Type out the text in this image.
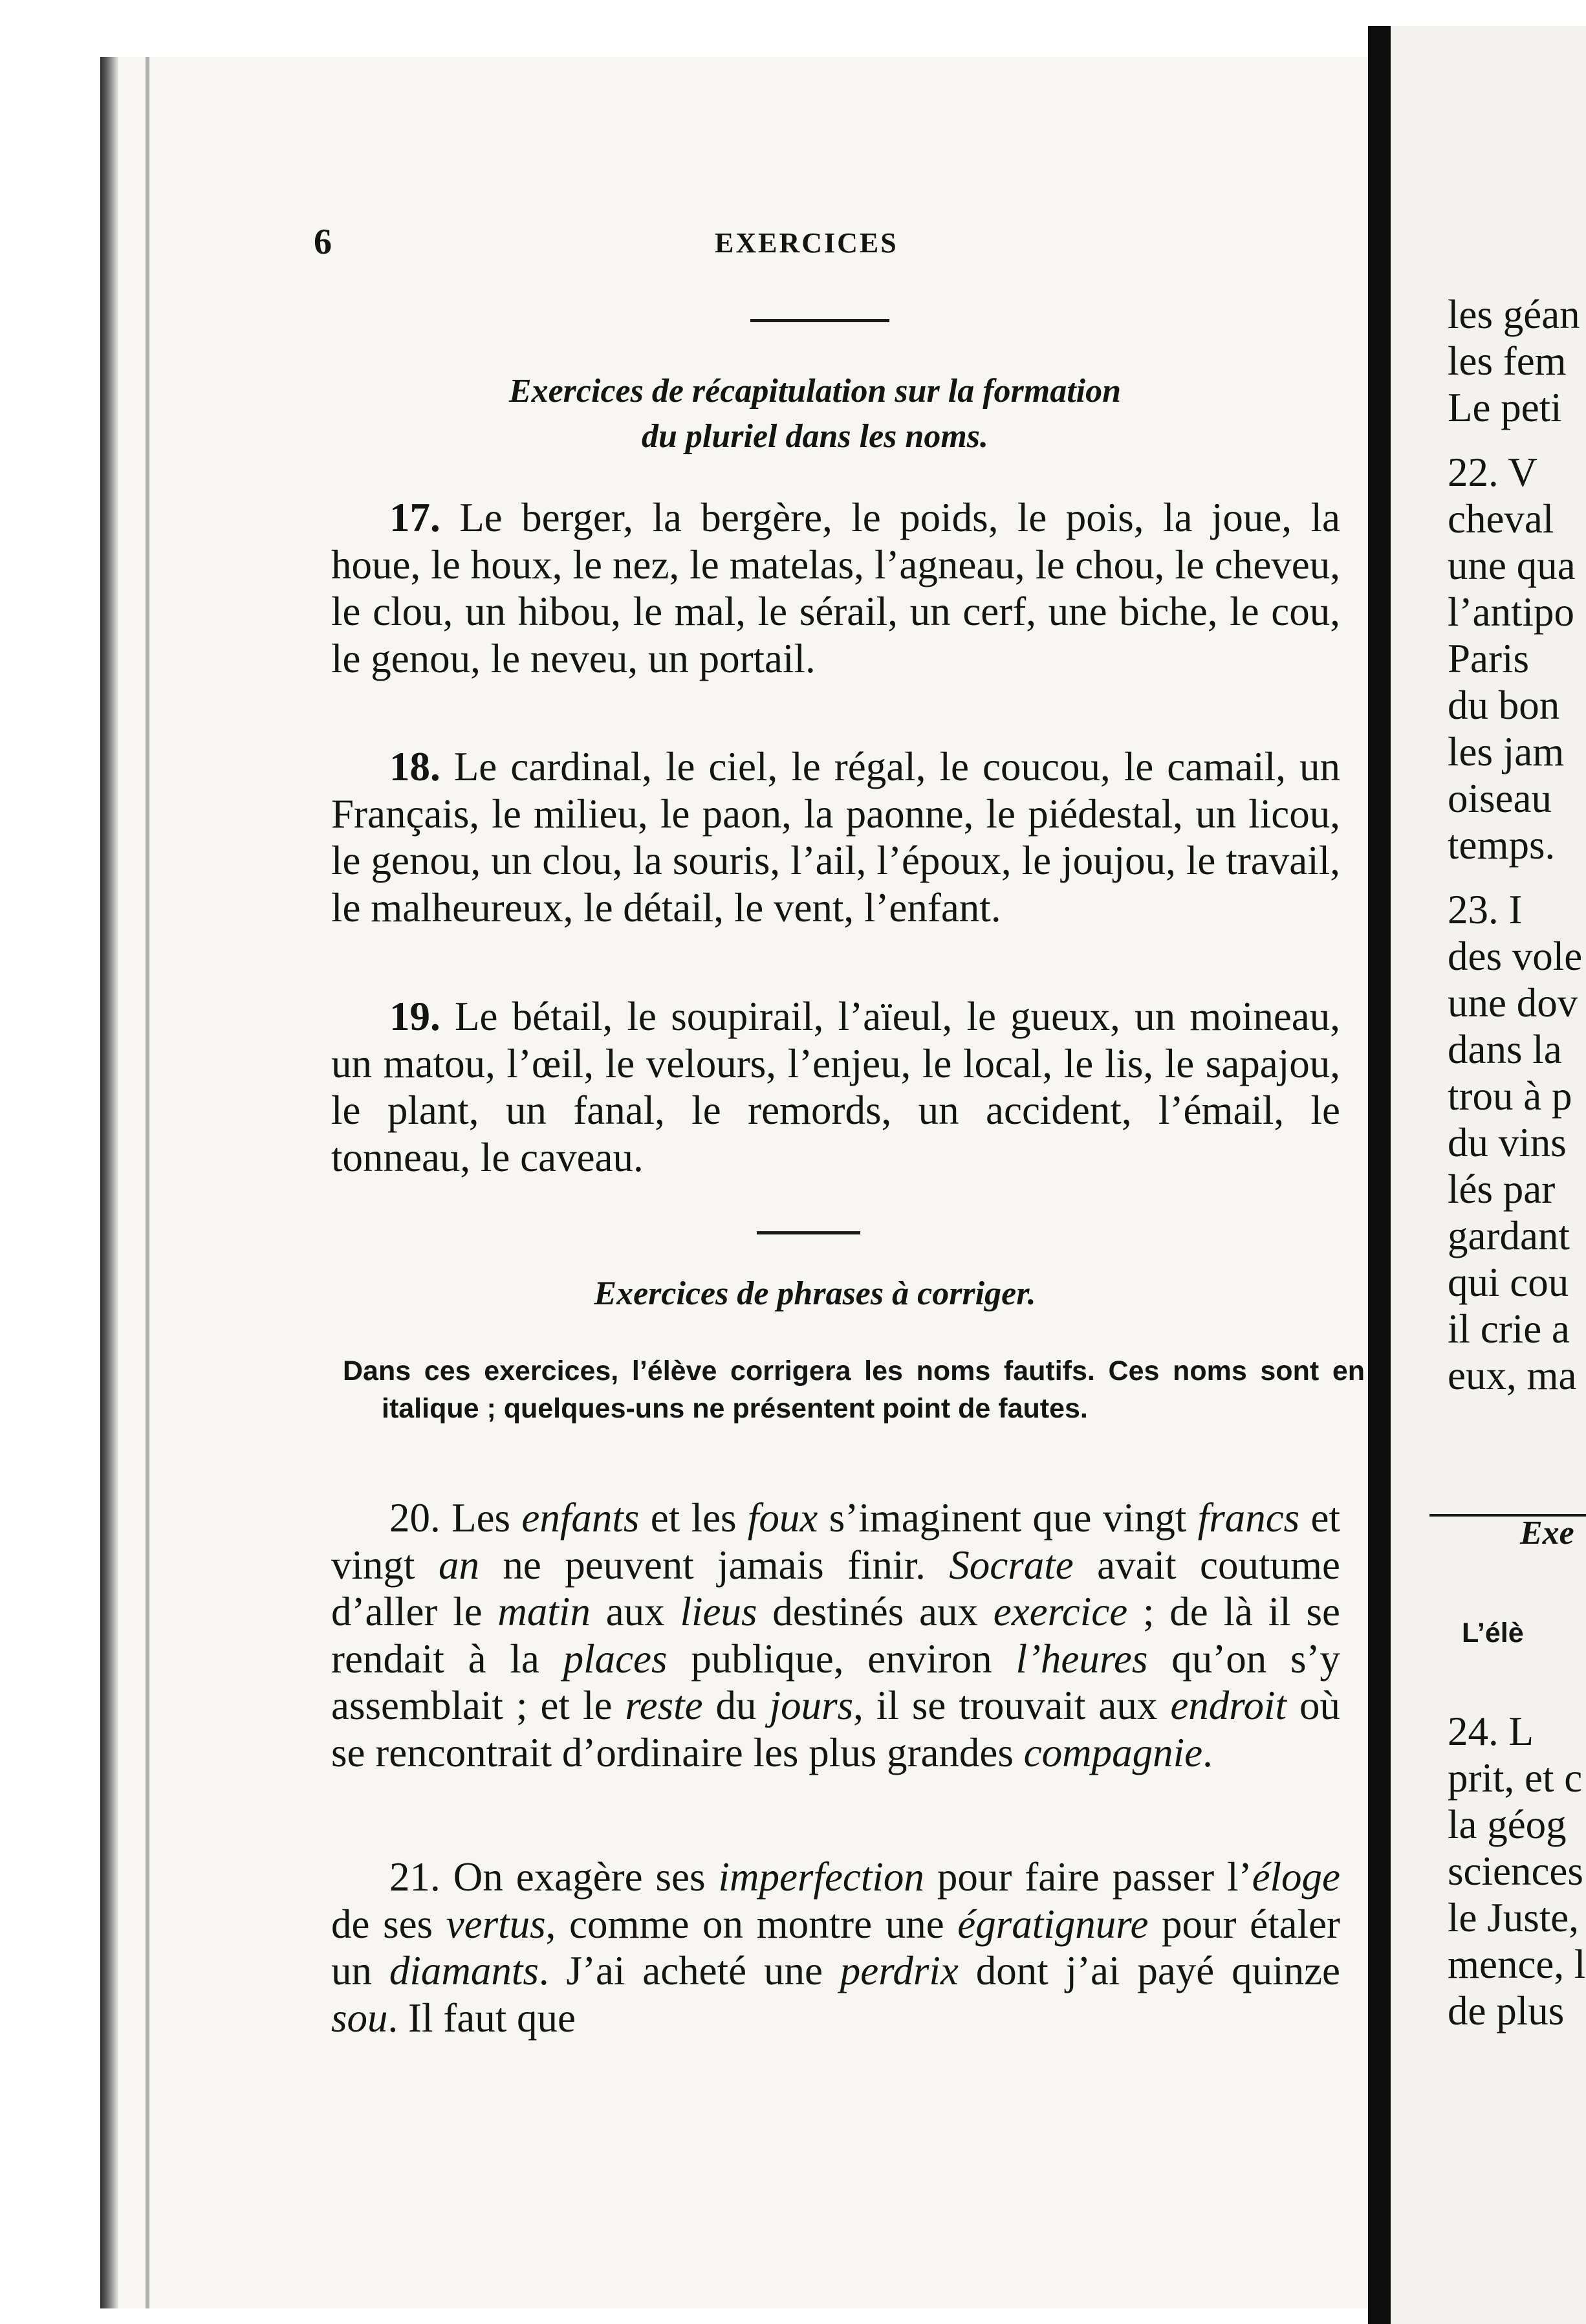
6	EXERCICES
Exercices de récapitulation sur la formation
du pluriel dans les noms.
17. Le berger, la bergère, le poids, le pois, la joue, la houe, le houx, le nez, le matelas, l’agneau, le chou, le cheveu, le clou, un hibou, le mal, le sérail, un cerf, une biche, le cou, le genou, le neveu, un portail.
18. Le cardinal, le ciel, le régal, le coucou, le camail, un Français, le milieu, le paon, la paonne, le piédestal, un licou, le genou, un clou, la souris, l’ail, l’époux, le joujou, le travail, le malheureux, le détail, le vent, l’enfant.
19. Le bétail, le soupirail, l’aïeul, le gueux, un moineau, un matou, l’œil, le velours, l’enjeu, le local, le lis, le sapajou, le plant, un fanal, le remords, un accident, l’émail, le tonneau, le caveau.
Exercices de phrases à corriger.
Dans ces exercices, l’élève corrigera les noms fautifs. Ces noms sont en italique ; quelques-uns ne présentent point de fautes.
20. Les enfants et les foux s’imaginent que vingt francs et vingt an ne peuvent jamais finir. Socrate avait coutume d’aller le matin aux lieus destinés aux exercice ; de là il se rendait à la places publique, environ l’heures qu’on s’y assemblait ; et le reste du jours, il se trouvait aux endroit où se rencontrait d’ordinaire les plus grandes compagnie.
21. On exagère ses imperfection pour faire passer l’éloge de ses vertus, comme on montre une égratignure pour étaler un diamants. J’ai acheté une perdrix dont j’ai payé quinze sou. Il faut que
les géan
les fem
Le peti
22. V
cheval
une qua
l’antipo
Paris
du bon
les jam
oiseau
temps.
23. I
des vole
une dov
dans la
trou à p
du vins
lés par
gardant
qui cou
il crie a
eux, ma
Exe
L’élè
24. L
prit, et c
la géog
sciences
le Juste,
mence, l
de plus
